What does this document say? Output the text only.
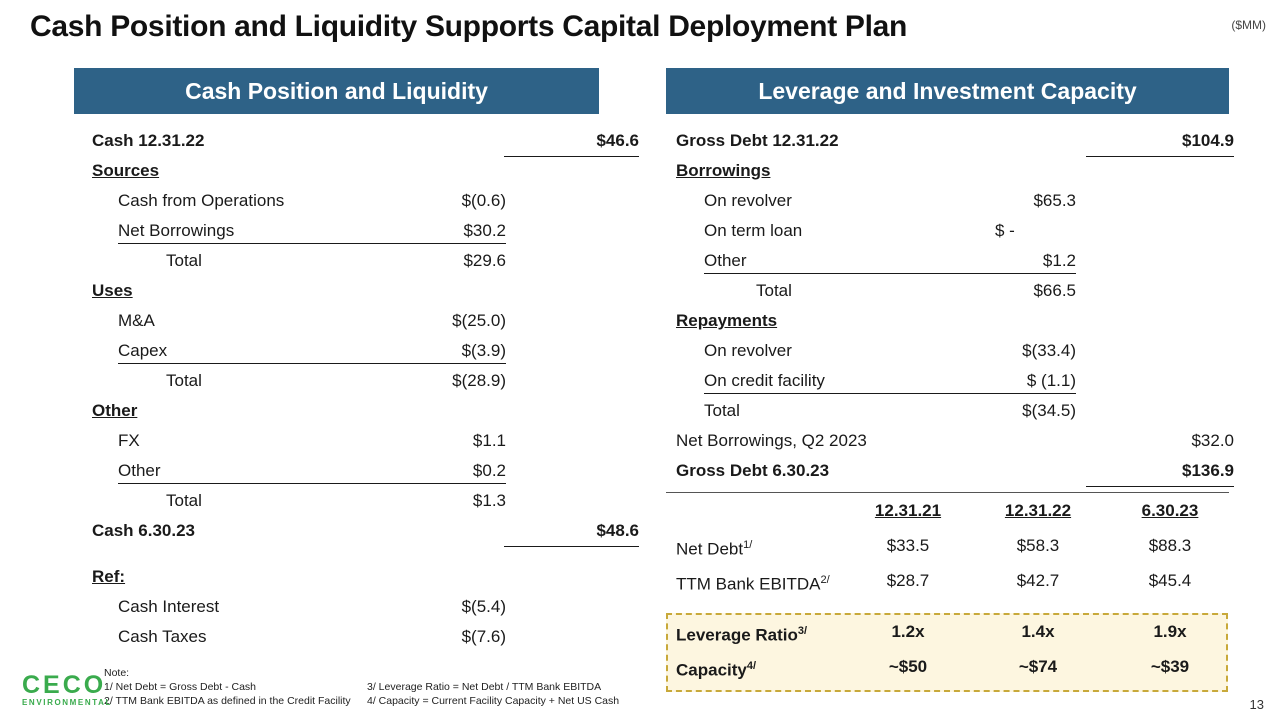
Cash Position and Liquidity Supports Capital Deployment Plan	($MM)
Cash Position and Liquidity	Leverage and Investment Capacity
Cash 12.31.22	$46.6
Sources
Cash from Operations	$(0.6)
Net Borrowings	$30.2
Total	$29.6
Uses
M&A	$(25.0)
Capex	$(3.9)
Total	$(28.9)
Other
FX	$1.1
Other	$0.2
Total	$1.3
Cash 6.30.23	$48.6
Ref:
Cash Interest	$(5.4)
Cash Taxes	$(7.6)
Gross Debt 12.31.22	$104.9
Borrowings
On revolver	$65.3
On term loan	$ -
Other	$1.2
Total	$66.5
Repayments
On revolver	$(33.4)
On credit facility	$ (1.1)
Total	$(34.5)
Net Borrowings, Q2 2023	$32.0
Gross Debt 6.30.23	$136.9
12.31.21	12.31.22	6.30.23
Net Debt$^{1/}$	$33.5	$58.3	$88.3
TTM Bank $EBITDA^{2/}$	$28.7	$42.7	$45.4
Leverage Ratio$^{3/}$	1.2x	1.4x	1.9x
Capacity$^{4/}$	~$50	~$74	~$39
Note:
1/ Net Debt = Gross Debt - Cash
2/ TTM Bank EBITDA as defined in the Credit Facility
3/ Leverage Ratio = Net Debt / TTM Bank EBITDA
4/ Capacity = Current Facility Capacity + Net US Cash
CECO
ENVIRONMENTAL	13
